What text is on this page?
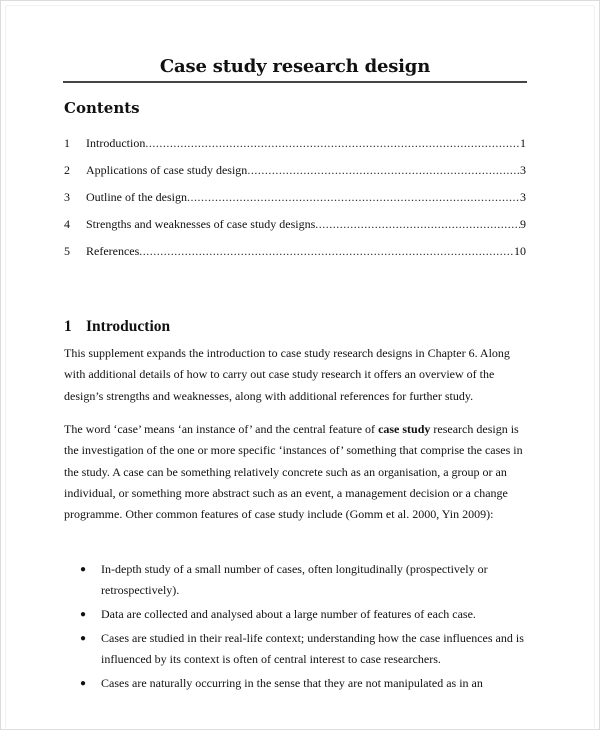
Case study research design
Contents
1	Introduction .....	1
2	Applications of case study design .....	3
3	Outline of the design .....	3
4	Strengths and weaknesses of case study designs .....	9
5	References .....	10
1 Introduction

This supplement expands the introduction to case study research designs in Chapter 6. Along with additional details of how to carry out case study research it offers an overview of the design’s strengths and weaknesses, along with additional references for further study.

The word ‘case’ means ‘an instance of’ and the central feature of case study research design is the investigation of the one or more specific ‘instances of’ something that comprise the cases in the study. A case can be something relatively concrete such as an organisation, a group or an individual, or something more abstract such as an event, a management decision or a change programme. Other common features of case study include (Gomm et al. 2000, Yin 2009):

● In-depth study of a small number of cases, often longitudinally (prospectively or retrospectively).
● Data are collected and analysed about a large number of features of each case.
● Cases are studied in their real-life context; understanding how the case influences and is influenced by its context is often of central interest to case researchers.
● Cases are naturally occurring in the sense that they are not manipulated as in an
